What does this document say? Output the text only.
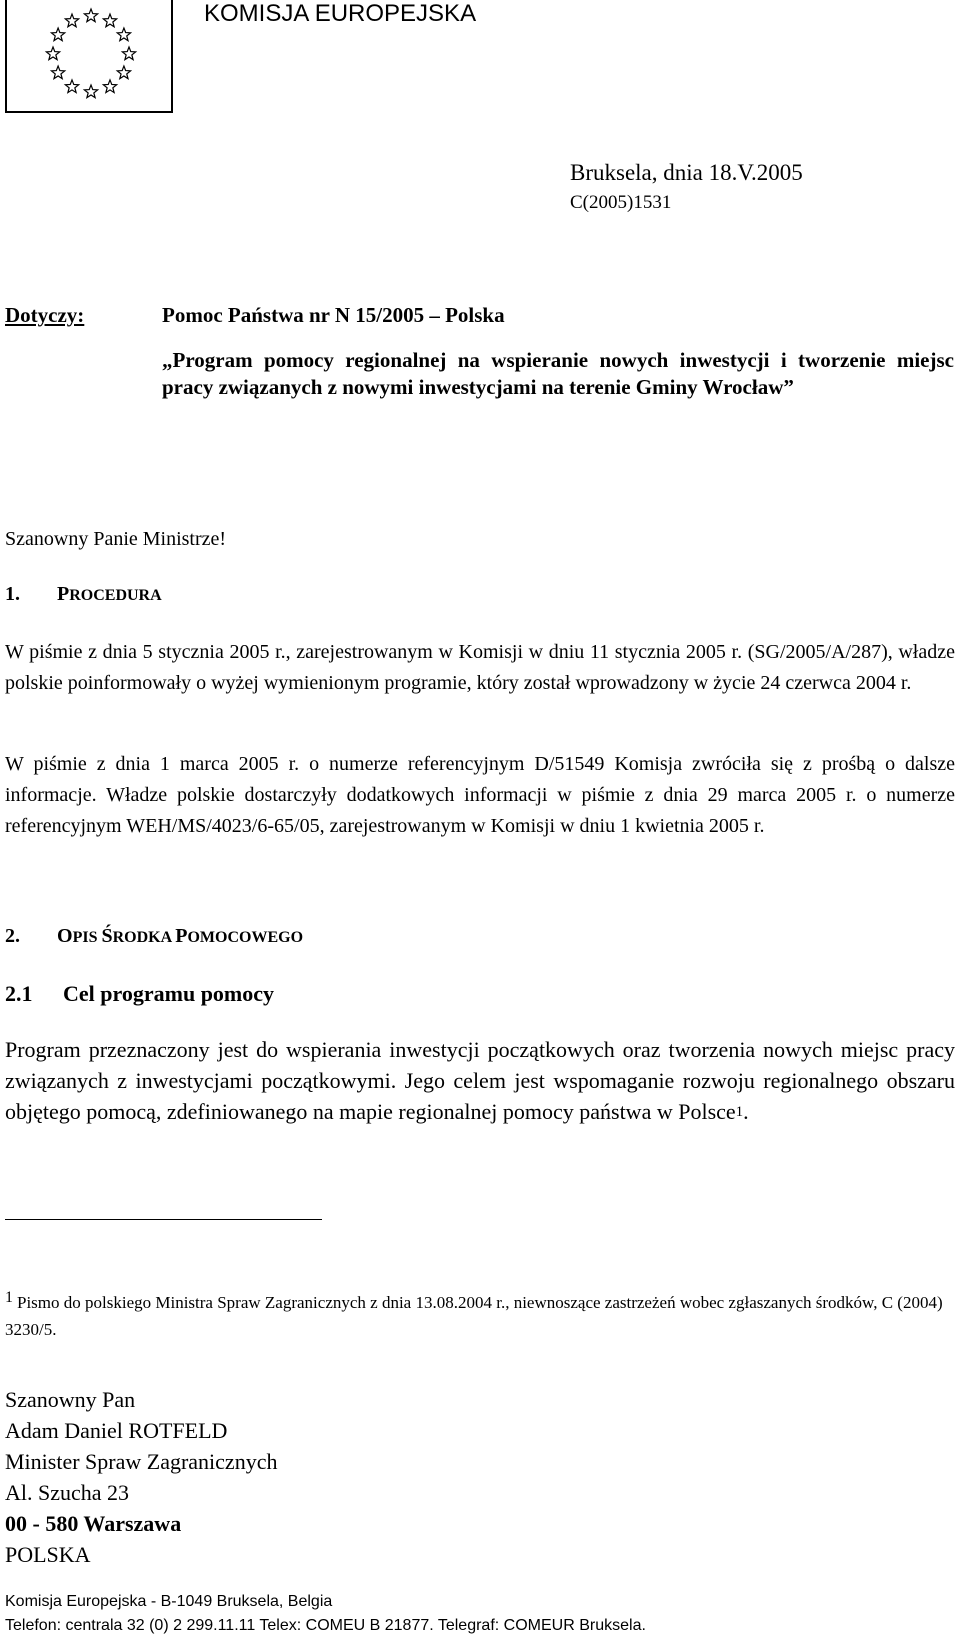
KOMISJA EUROPEJSKA
Bruksela, dnia 18.V.2005
C(2005)1531
Dotyczy:	Pomoc Państwa nr N 15/2005 – Polska
„Program pomocy regionalnej na wspieranie nowych inwestycji i tworzenie miejsc pracy związanych z nowymi inwestycjami na terenie Gminy Wrocław”
Szanowny Panie Ministrze!
1. PROCEDURA
W piśmie z dnia 5 stycznia 2005 r., zarejestrowanym w Komisji w dniu 11 stycznia 2005 r. (SG/2005/A/287), władze polskie poinformowały o wyżej wymienionym programie, który został wprowadzony w życie 24 czerwca 2004 r.
W piśmie z dnia 1 marca 2005 r. o numerze referencyjnym D/51549 Komisja zwróciła się z prośbą o dalsze informacje. Władze polskie dostarczyły dodatkowych informacji w piśmie z dnia 29 marca 2005 r. o numerze referencyjnym WEH/MS/4023/6-65/05, zarejestrowanym w Komisji w dniu 1 kwietnia 2005 r.
2. OPIS ŚRODKA POMOCOWEGO
2.1 Cel programu pomocy
Program przeznaczony jest do wspierania inwestycji początkowych oraz tworzenia nowych miejsc pracy związanych z inwestycjami początkowymi. Jego celem jest wspomaganie rozwoju regionalnego obszaru objętego pomocą, zdefiniowanego na mapie regionalnej pomocy państwa w Polsce1.
$^1$ Pismo do polskiego Ministra Spraw Zagranicznych z dnia 13.08.2004 r., niewnoszące zastrzeżeń wobec zgłaszanych środków, C (2004) 3230/5.
Szanowny Pan
Adam Daniel ROTFELD
Minister Spraw Zagranicznych
Al. Szucha 23
00 - 580 Warszawa
POLSKA
Komisja Europejska - B-1049 Bruksela, Belgia
Telefon: centrala 32 (0) 2 299.11.11 Telex: COMEU B 21877. Telegraf: COMEUR Bruksela.
